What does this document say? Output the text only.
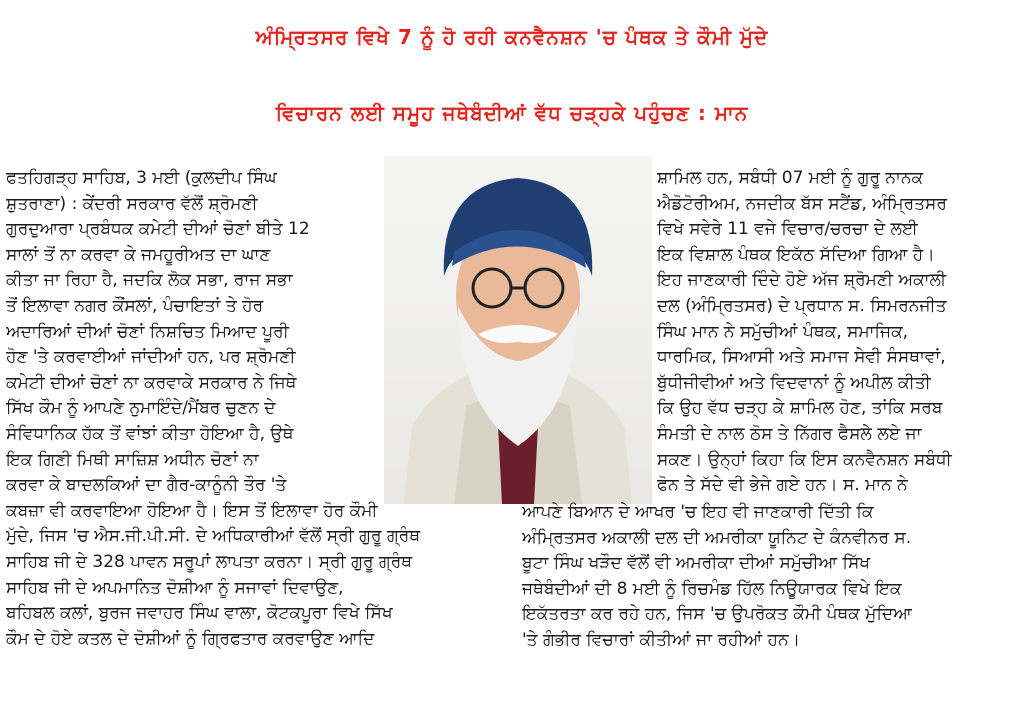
ਅੰਮ੍ਰਿਤਸਰ ਵਿਖੇ 7 ਨੂੰ ਹੋ ਰਹੀ ਕਨਵੈਨਸ਼ਨ 'ਚ ਪੰਥਕ ਤੇ ਕੌਮੀ ਮੁੱਦੇ
ਵਿਚਾਰਨ ਲਈ ਸਮੂਹ ਜਥੇਬੰਦੀਆਂ ਵੱਧ ਚੜ੍ਹਕੇ ਪਹੁੰਚਣ : ਮਾਨ

ਫਤਹਿਗੜ੍ਹ ਸਾਹਿਬ, 3 ਮਈ (ਕੁਲਦੀਪ ਸਿੰਘ

ਸ਼ੁਤਰਾਣਾ) : ਕੇਂਦਰੀ ਸਰਕਾਰ ਵੱਲੋਂ ਸ਼੍ਰੋਮਣੀ

ਗੁਰਦੁਆਰਾ ਪ੍ਰਬੰਧਕ ਕਮੇਟੀ ਦੀਆਂ ਚੋਣਾਂ ਬੀਤੇ 12

ਸਾਲਾਂ ਤੋਂ ਨਾ ਕਰਵਾ ਕੇ ਜਮਹੂਰੀਅਤ ਦਾ ਘਾਣ

ਕੀਤਾ ਜਾ ਰਿਹਾ ਹੈ, ਜਦਕਿ ਲੋਕ ਸਭਾ, ਰਾਜ ਸਭਾ

ਤੋਂ ਇਲਾਵਾ ਨਗਰ ਕੌਂਸਲਾਂ, ਪੰਚਾਇਤਾਂ ਤੇ ਹੋਰ

ਅਦਾਰਿਆਂ ਦੀਆਂ ਚੋਣਾਂ ਨਿਸ਼ਚਿਤ ਮਿਆਦ ਪੂਰੀ

ਹੋਣ 'ਤੇ ਕਰਵਾਈਆਂ ਜਾਂਦੀਆਂ ਹਨ, ਪਰ ਸ਼੍ਰੋਮਣੀ

ਕਮੇਟੀ ਦੀਆਂ ਚੋਣਾਂ ਨਾ ਕਰਵਾਕੇ ਸਰਕਾਰ ਨੇ ਜਿਥੇ

ਸਿੱਖ ਕੌਮ ਨੂੰ ਆਪਣੇ ਨੁਮਾਇੰਦੇ/ਮੈਂਬਰ ਚੁਣਨ ਦੇ

ਸੰਵਿਧਾਨਿਕ ਹੱਕ ਤੋਂ ਵਾਂਝਾਂ ਕੀਤਾ ਹੋਇਆ ਹੈ, ਉਥੇ

ਇਕ ਗਿਣੀ ਮਿਥੀ ਸਾਜ਼ਿਸ਼ ਅਧੀਨ ਚੋਣਾਂ ਨਾ

ਕਰਵਾ ਕੇ ਬਾਦਲਕਿਆਂ ਦਾ ਗੈਰ-ਕਾਨੂੰਨੀ ਤੌਰ 'ਤੇ

ਕਬਜ਼ਾ ਵੀ ਕਰਵਾਇਆ ਹੋਇਆ ਹੈ। ਇਸ ਤੋਂ ਇਲਾਵਾ ਹੋਰ ਕੌਮੀ

ਮੁੱਦੇ, ਜਿਸ 'ਚ ਐਸ.ਜੀ.ਪੀ.ਸੀ. ਦੇ ਅਧਿਕਾਰੀਆਂ ਵੱਲੋਂ ਸ੍ਰੀ ਗੁਰੂ ਗ੍ਰੰਥ

ਸਾਹਿਬ ਜੀ ਦੇ 328 ਪਾਵਨ ਸਰੂਪਾਂ ਲਾਪਤਾ ਕਰਨਾ। ਸ੍ਰੀ ਗੁਰੂ ਗ੍ਰੰਥ

ਸਾਹਿਬ ਜੀ ਦੇ ਅਪਮਾਨਿਤ ਦੋਸ਼ੀਆ ਨੂੰ ਸਜਾਵਾਂ ਦਿਵਾਉਣ,

ਬਹਿਬਲ ਕਲਾਂ, ਬੁਰਜ ਜਵਾਹਰ ਸਿੰਘ ਵਾਲਾ, ਕੋਟਕਪੂਰਾ ਵਿਖੇ ਸਿੱਖ

ਕੌਮ ਦੇ ਹੋਏ ਕਤਲ ਦੇ ਦੋਸ਼ੀਆਂ ਨੂੰ ਗ੍ਰਿਫਤਾਰ ਕਰਵਾਉਣ ਆਦਿ

ਸ਼ਾਮਿਲ ਹਨ, ਸਬੰਧੀ 07 ਮਈ ਨੂੰ ਗੁਰੂ ਨਾਨਕ

ਐਡੋਟੋਰੀਅਮ, ਨਜਦੀਕ ਬੱਸ ਸਟੈਂਡ, ਅੰਮ੍ਰਿਤਸਰ

ਵਿਖੇ ਸਵੇਰੇ 11 ਵਜੇ ਵਿਚਾਰ/ਚਰਚਾ ਦੇ ਲਈ

ਇਕ ਵਿਸ਼ਾਲ ਪੰਥਕ ਇਕੱਠ ਸੱਦਿਆ ਗਿਆ ਹੈ।

ਇਹ ਜਾਣਕਾਰੀ ਦਿੰਦੇ ਹੋਏ ਅੱਜ ਸ਼੍ਰੋਮਣੀ ਅਕਾਲੀ

ਦਲ (ਅੰਮ੍ਰਿਤਸਰ) ਦੇ ਪ੍ਰਧਾਨ ਸ. ਸਿਮਰਨਜੀਤ

ਸਿੰਘ ਮਾਨ ਨੇ ਸਮੁੱਚੀਆਂ ਪੰਥਕ, ਸਮਾਜਿਕ,

ਧਾਰਮਿਕ, ਸਿਆਸੀ ਅਤੇ ਸਮਾਜ ਸੇਵੀ ਸੰਸਥਾਵਾਂ,

ਬੁੱਧੀਜੀਵੀਆਂ ਅਤੇ ਵਿਦਵਾਨਾਂ ਨੂੰ ਅਪੀਲ ਕੀਤੀ

ਕਿ ਉਹ ਵੱਧ ਚੜ੍ਹ ਕੇ ਸ਼ਾਮਿਲ ਹੋਣ, ਤਾਂਕਿ ਸਰਬ

ਸੰਮਤੀ ਦੇ ਨਾਲ ਠੋਸ ਤੇ ਨਿੱਗਰ ਫੈਸਲੇ ਲਏ ਜਾ

ਸਕਣ। ਉਨ੍ਹਾਂ ਕਿਹਾ ਕਿ ਇਸ ਕਨਵੈਨਸ਼ਨ ਸਬੰਧੀ

ਫੋਨ ਤੇ ਸੱਦੇ ਵੀ ਭੇਜੇ ਗਏ ਹਨ। ਸ. ਮਾਨ ਨੇ

ਆਪਣੇ ਬਿਆਨ ਦੇ ਆਖਰ 'ਚ ਇਹ ਵੀ ਜਾਣਕਾਰੀ ਦਿੱਤੀ ਕਿ

ਅੰਮ੍ਰਿਤਸਰ ਅਕਾਲੀ ਦਲ ਦੀ ਅਮਰੀਕਾ ਯੂਨਿਟ ਦੇ ਕੰਨਵੀਨਰ ਸ.

ਬੂਟਾ ਸਿੰਘ ਖੜੌਦ ਵੱਲੋਂ ਵੀ ਅਮਰੀਕਾ ਦੀਆਂ ਸਮੁੱਚੀਆ ਸਿੱਖ

ਜਥੇਬੰਦੀਆਂ ਦੀ 8 ਮਈ ਨੂੰ ਰਿਚਮੰਡ ਹਿੱਲ ਨਿਊਯਾਰਕ ਵਿਖੇ ਇਕ

ਇਕੱਤਰਤਾ ਕਰ ਰਹੇ ਹਨ, ਜਿਸ 'ਚ ਉਪਰੋਕਤ ਕੌਮੀ ਪੰਥਕ ਮੁੱਦਿਆ

'ਤੇ ਗੰਭੀਰ ਵਿਚਾਰਾਂ ਕੀਤੀਆਂ ਜਾ ਰਹੀਆਂ ਹਨ।
